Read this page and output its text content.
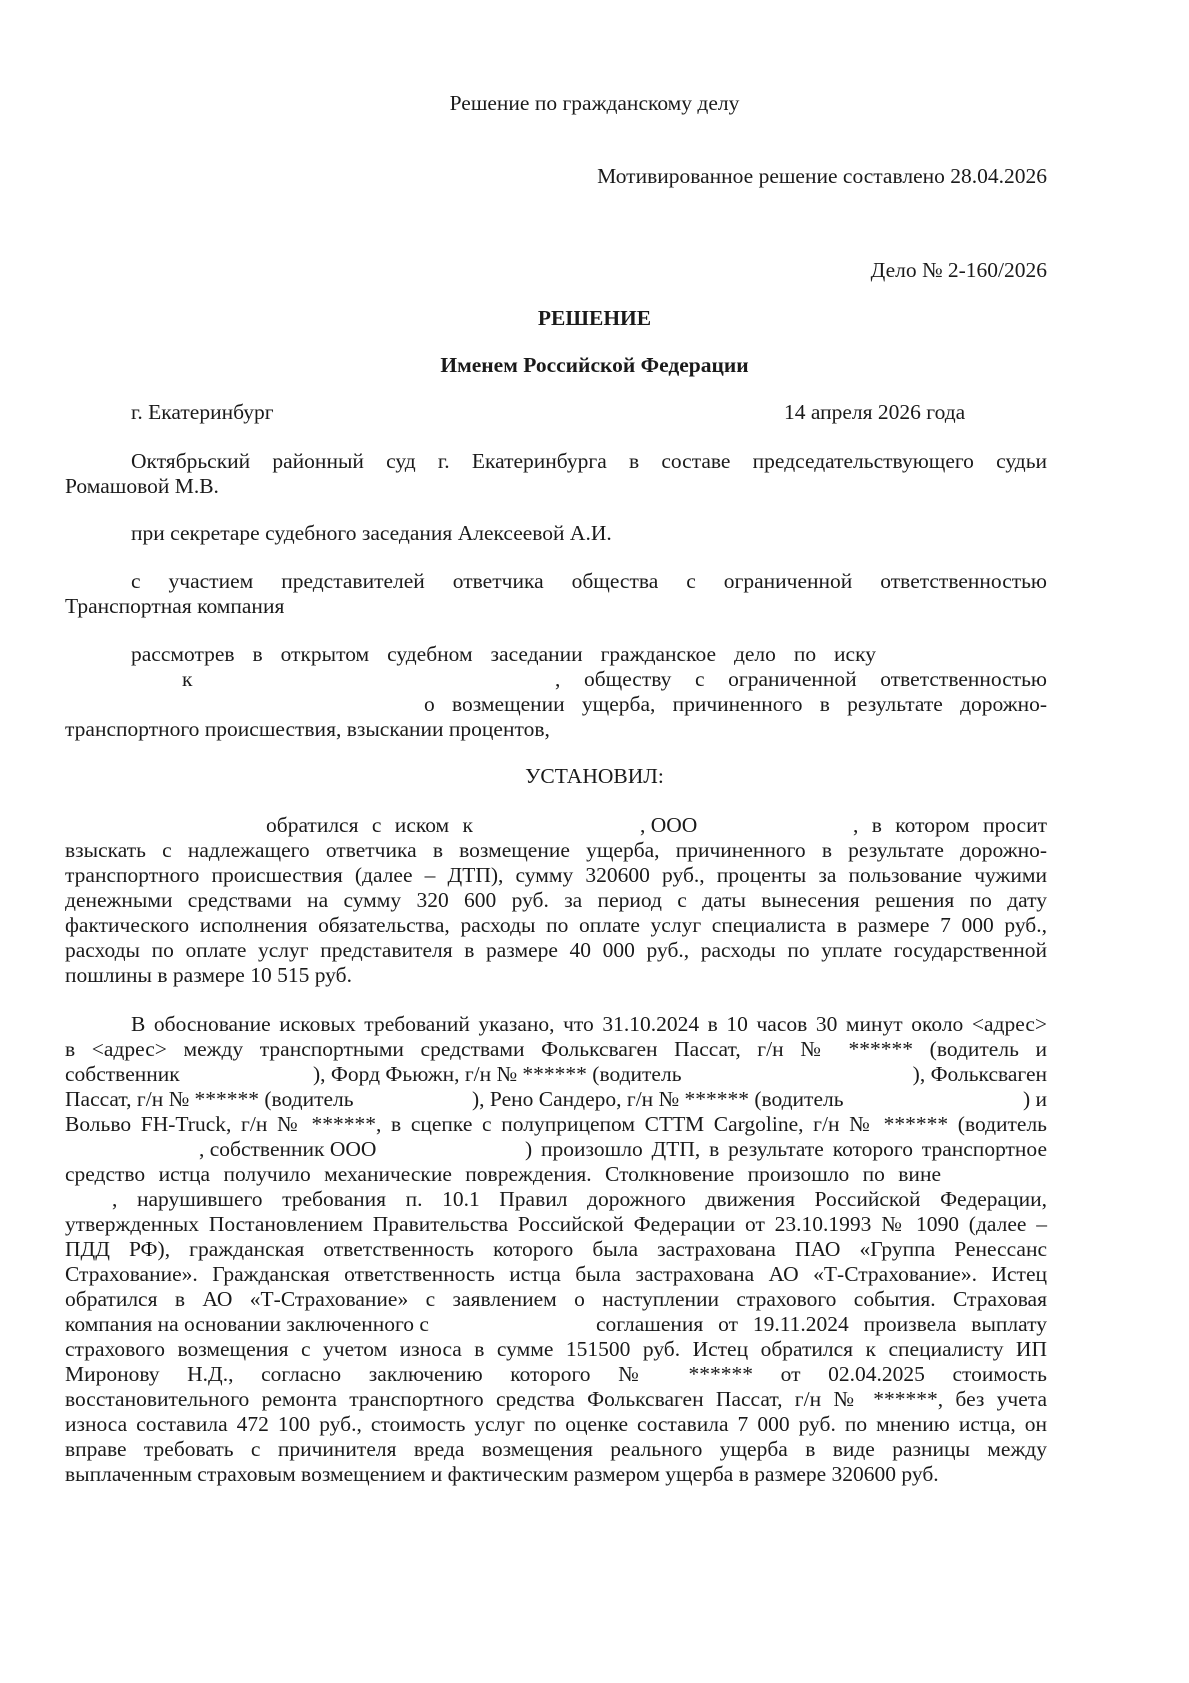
Решение по гражданскому делу
Мотивированное решение составлено 28.04.2026
Дело № 2-160/2026
РЕШЕНИЕ
Именем Российской Федерации
г. Екатеринбург	14 апреля 2026 года
Октябрьский районный суд г. Екатеринбурга в составе председательствующего судьи
Ромашовой М.В.
при секретаре судебного заседания Алексеевой А.И.
с участием представителей ответчика общества с ограниченной ответственностью
Транспортная компания
рассмотрев в открытом судебном заседании гражданское дело по иску
к	, обществу с ограниченной ответственностью
о возмещении ущерба, причиненного в результате дорожно-
транспортного происшествия, взыскании процентов,
УСТАНОВИЛ:
обратился с иском к	, ООО	, в котором просит
взыскать с надлежащего ответчика в возмещение ущерба, причиненного в результате дорожно-
транспортного происшествия (далее – ДТП), сумму 320600 руб., проценты за пользование чужими
денежными средствами на сумму 320 600 руб. за период с даты вынесения решения по дату
фактического исполнения обязательства, расходы по оплате услуг специалиста в размере 7 000 руб.,
расходы по оплате услуг представителя в размере 40 000 руб., расходы по уплате государственной
пошлины в размере 10 515 руб.
В обоснование исковых требований указано, что 31.10.2024 в 10 часов 30 минут около <адрес>
в <адрес> между транспортными средствами Фольксваген Пассат, г/н № ****** (водитель и
собственник	), Форд Фьюжн, г/н № ****** (водитель	), Фольксваген
Пассат, г/н № ****** (водитель	), Рено Сандеро, г/н № ****** (водитель	) и
Вольво FH-Truck, г/н № ******, в сцепке с полуприцепом СТТМ Cargoline, г/н № ****** (водитель
, собственник ООО	) произошло ДТП, в результате которого транспортное
средство истца получило механические повреждения. Столкновение произошло по вине
, нарушившего требования п. 10.1 Правил дорожного движения Российской Федерации,
утвержденных Постановлением Правительства Российской Федерации от 23.10.1993 № 1090 (далее –
ПДД РФ), гражданская ответственность которого была застрахована ПАО «Группа Ренессанс
Страхование». Гражданская ответственность истца была застрахована АО «Т-Страхование». Истец
обратился в АО «Т-Страхование» с заявлением о наступлении страхового события. Страховая
компания на основании заключенного с	соглашения от 19.11.2024 произвела выплату
страхового возмещения с учетом износа в сумме 151500 руб. Истец обратился к специалисту ИП
Миронову Н.Д., согласно заключению которого № ****** от 02.04.2025 стоимость
восстановительного ремонта транспортного средства Фольксваген Пассат, г/н № ******, без учета
износа составила 472 100 руб., стоимость услуг по оценке составила 7 000 руб. по мнению истца, он
вправе требовать с причинителя вреда возмещения реального ущерба в виде разницы между
выплаченным страховым возмещением и фактическим размером ущерба в размере 320600 руб.
